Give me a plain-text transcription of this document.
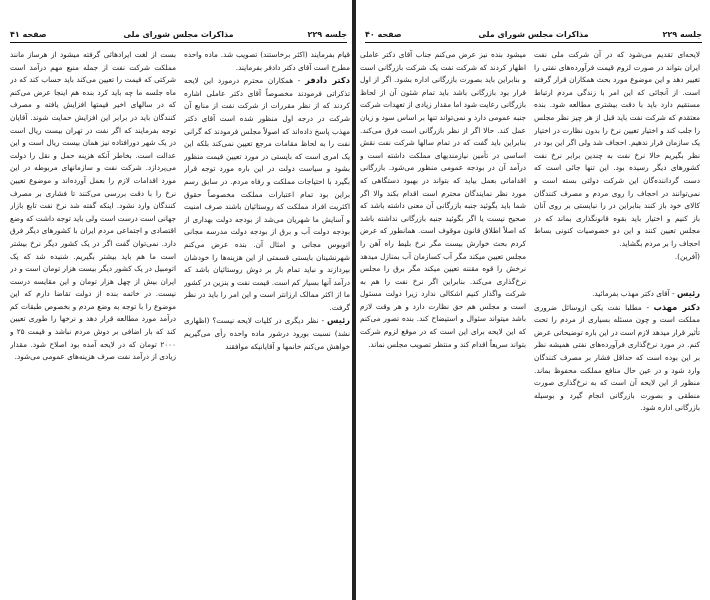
جلسه ۲۲۹
مذاکرات مجلس شورای ملی
صفحه ۴۱

قیام بفرمایند (اکثر برخاستند) تصویب شد. ماده واحده مطرح است آقای دکتر دادفر بفرمایند.

دکتر دادفر - همکاران محترم درمورد این لایحه تذکراتی فرمودند مخصوصاً آقای دکتر عاملی اشاره کردند که از نظر مقررات از شرکت نفت از منابع آن شرکت در درجه اول منظور شده است آقای دکتر مهذب پاسخ داده‌اند که اصولاً مجلس فرمودند که گرانی نفت را به لحاظ مقامات مرجع تعیین نمی‌کند بلکه این یک امری است که بایستی در مورد تعیین قیمت منظور بشود و سیاست دولت در این باره مورد توجه قرار بگیرد با احتیاجات مملکت و رفاه مردم. در سابق رسم براین بود تمام اعتبارات مملکت مخصوصاً حقوق اکثریت افراد مملکت که روستائیان باشند صرف امنیت و آسایش ما شهریان می‌شد از بودجه دولت بهداری از بودجه دولت آب و برق از بودجه دولت مدرسه مجانی اتوبوس مجانی و امثال آن. بنده عرض می‌کنم شهرنشینان بایستی قسمتی از این هزینه‌ها را خودشان بپردازند و نباید تمام بار بر دوش روستائیان باشد که درآمد آنها بسیار کم است. قیمت نفت و بنزین در کشور ما از اکثر ممالک ارزانتر است و این امر را باید در نظر گرفت.

رئیس - نظر دیگری در کلیات لایحه نیست؟ (اظهاری نشد) نسبت بورود درشور ماده واحده رأی می‌گیریم خواهش می‌کنم خانمها و آقایانیکه موافقند

بست از لغت ایرادهائی گرفته میشود از هرساز مانند مملکت شرکت نفت از جمله منبع مهم درآمد است شرکتی که قیمت را تعیین می‌کند باید حساب کند که در ماه جلسه ما چه باید کرد بنده هم اینجا عرض می‌کنم که در سالهای اخیر قیمتها افزایش یافته و مصرف کنندگان باید در برابر این افزایش حمایت شوند. آقایان توجه بفرمایند که اگر نفت در تهران بیست ریال است در یک شهر دورافتاده نیز همان بیست ریال است و این عدالت است. بخاطر آنکه هزینه حمل و نقل را دولت می‌پردازد. شرکت نفت و سازمانهای مربوطه در این مورد اقدامات لازم را بعمل آورده‌اند و موضوع تعیین نرخ را با دقت بررسی می‌کنند تا فشاری بر مصرف کنندگان وارد نشود. اینکه گفته شد نرخ نفت تابع بازار جهانی است درست است ولی باید توجه داشت که وضع اقتصادی و اجتماعی مردم ایران با کشورهای دیگر فرق دارد. نمی‌توان گفت اگر در یک کشور دیگر نرخ بیشتر است ما هم باید بیشتر بگیریم. شنیده شد که یک اتومبیل در یک کشور دیگر بیست هزار تومان است و در ایران بیش از چهل هزار تومان و این مقایسه درست نیست. در خاتمه بنده از دولت تقاضا دارم که این موضوع را با توجه به وضع مردم و بخصوص طبقات کم درآمد مورد مطالعه قرار دهد و نرخها را طوری تعیین کند که بار اضافی بر دوش مردم نباشد و قیمت ۲۵ و ۲۰۰۰ تومان که در لایحه آمده بود اصلاح شود. مقدار زیادی از درآمد نفت صرف هزینه‌های عمومی می‌شود.

جلسه ۲۲۹
مذاکرات مجلس شورای ملی
صفحه ۴۰

لایحه‌ای تقدیم می‌شود که در آن شرکت ملی نفت ایران بتواند در صورت لزوم قیمت فرآورده‌های نفتی را تغییر دهد و این موضوع مورد بحث همکاران قرار گرفته است. از آنجائی که این امر با زندگی مردم ارتباط مستقیم دارد باید با دقت بیشتری مطالعه شود. بنده معتقدم که شرکت نفت باید قبل از هر چیز نظر مجلس را جلب کند و اختیار تعیین نرخ را بدون نظارت در اختیار یک سازمان قرار ندهیم. احجاف شد ولی اگر این بود در نظر بگیریم حالا نرخ نفت به چندین برابر نرخ نفت کشورهای دیگر رسیده بود. این تنها جائی است که دست گرداننده‌گان این شرکت دولتی بسته است و نمی‌توانند در احجاف را روی مردم و مصرف کنندگان کالای خود باز کنند بنابراین در را نبایستی بر روی آنان باز کنیم و اختیار باید بقوه قانونگذاری بماند که در مجلس تعیین کنند و این دو خصوصیات کنونی بساط احجاف را بر مردم بگشاید.

(آفرین).

رئیس - آقای دکتر مهذب بفرمائید.

دکتر مهذب - مطلبا نفت یکی ازوسائل ضروری مملکت است و چون مسئله بسیاری از مردم را تحت تأثیر قرار میدهد لازم است در این باره توضیحاتی عرض کنم. در مورد نرخ‌گذاری فرآورده‌های نفتی همیشه نظر بر این بوده است که حداقل فشار بر مصرف کنندگان وارد شود و در عین حال منافع مملکت محفوظ بماند. منظور از این لایحه آن است که به نرخ‌گذاری صورت منطقی و بصورت بازرگانی انجام گیرد و بوسیله بازرگانی اداره شود.

میشود بنده نیز عرض می‌کنم جناب آقای دکتر عاملی اظهار کردند که شرکت نفت یک شرکت بازرگانی است و بنابراین باید بصورت بازرگانی اداره بشود. اگر از اول قرار بود بازرگانی باشد باید تمام شئون آن از لحاظ بازرگانی رعایت شود اما مقدار زیادی از تعهدات شرکت جنبه عمومی دارد و نمی‌تواند تنها بر اساس سود و زیان عمل کند. حالا اگر از نظر بازرگانی است فرق می‌کند. بنابراین باید گفت که در تمام سالها شرکت نفت نقش اساسی در تأمین نیازمندیهای مملکت داشته است و درآمد آن در بودجه عمومی منظور می‌شود. بازرگانی اقداماتی بعمل بیاید که بتواند در بهبود دستگاهی که مورد نظر نمایندگان محترم است اقدام بکند والا اگر شما باید بگوئید جنبه بازرگانی آن معنی داشته باشد که صحیح نیست یا اگر بگوئید جنبه بازرگانی نداشته باشد که اصلاً اطلاق قانون موقوف است. همانطور که عرض کردم بحث خوارش بیست مگر نرخ بلیط راه آهن را مجلس تعیین میکند مگر آب کسازمان آب بمنازل میدهد نرخش را قوه مقننه تعیین میکند مگر برق را مجلس نرخ‌گذاری می‌کند. بنابراین اگر نرخ نفت را هم به شرکت واگذار کنیم اشکالی ندارد زیرا دولت مسئول است و مجلس هم حق نظارت دارد و هر وقت لازم باشد میتواند سئوال و استیضاح کند. بنده تصور می‌کنم که این لایحه برای این است که در موقع لزوم شرکت بتواند سریعاً اقدام کند و منتظر تصویب مجلس نماند.
